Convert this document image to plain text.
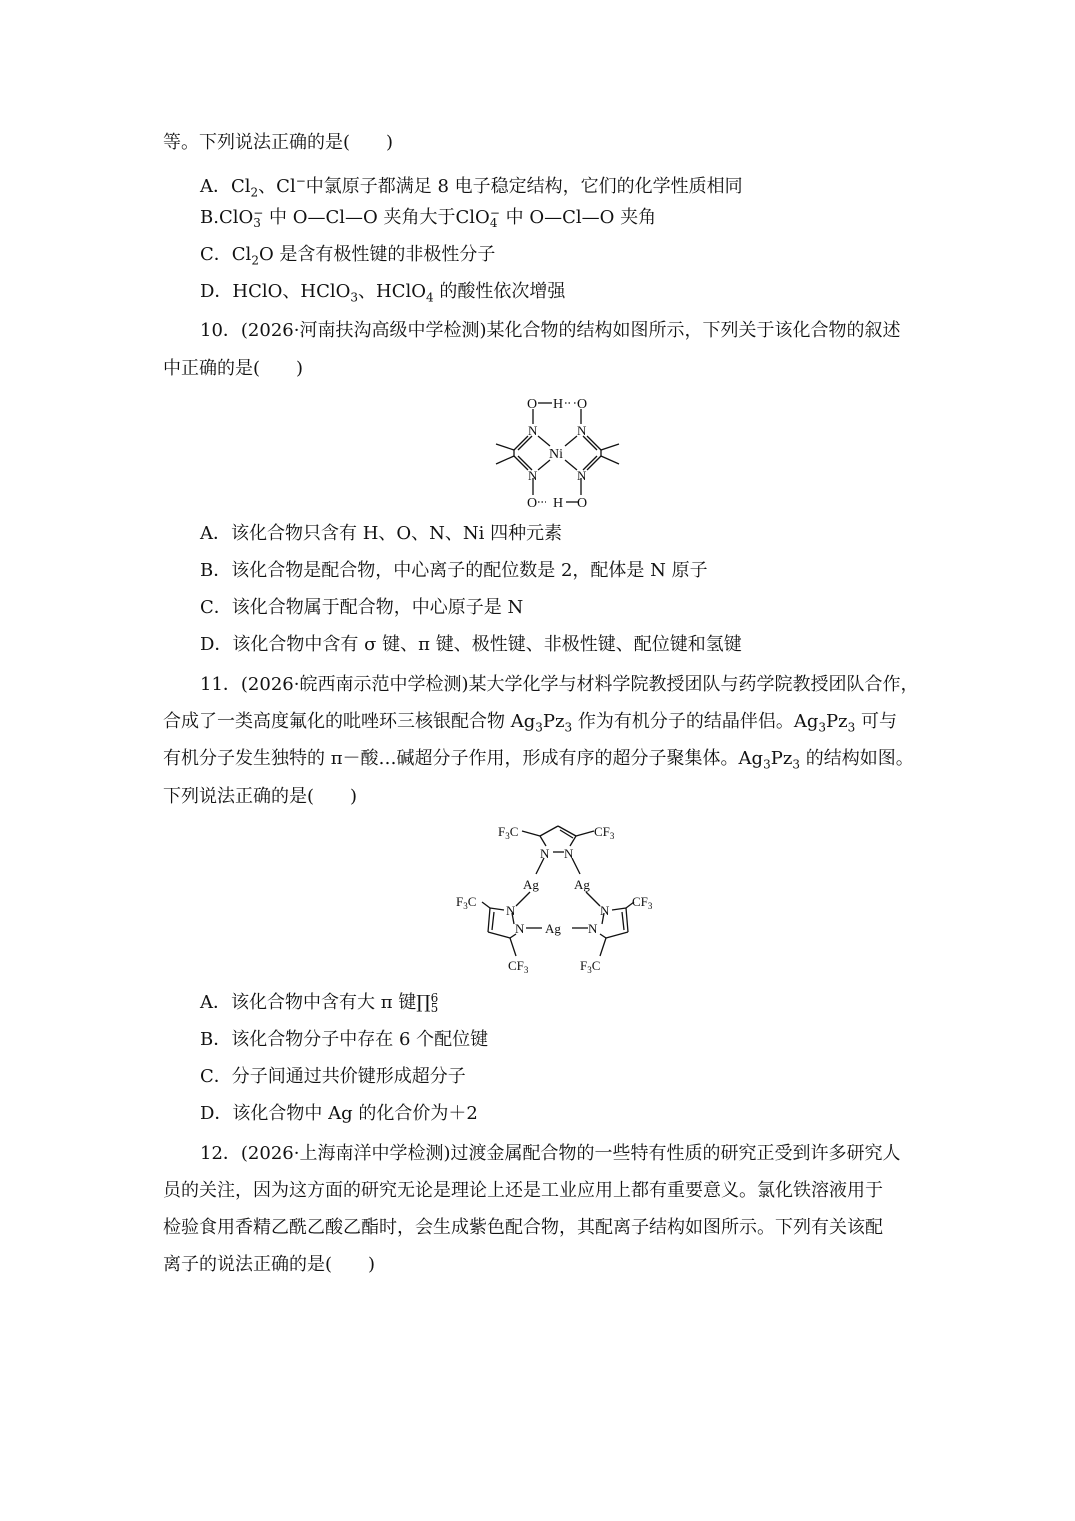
等。下列说法正确的是(　　)
A．$Cl_2$、Cl−中氯原子都满足 8 电子稳定结构，它们的化学性质相同
B.ClO −
3 中 O—Cl—O 夹角大于ClO −
4 中 O—Cl—O 夹角
C．$Cl_2O$ 是含有极性键的非极性分子
D．HClO、HClO$_3$、HClO$_4$ 的酸性依次增强
10．(2026·河南扶沟高级中学检测)某化合物的结构如图所示，下列关于该化合物的叙述
中正确的是(　　)
O H O
N	N
Ni
N	N
O H O
A．该化合物只含有 H、O、N、Ni 四种元素
B．该化合物是配合物，中心离子的配位数是 2，配体是 N 原子
C．该化合物属于配合物，中心原子是 N
D．该化合物中含有 σ 键、π 键、极性键、非极性键、配位键和氢键
11．(2026·皖西南示范中学检测)某大学化学与材料学院教授团队与药学院教授团队合作，
合成了一类高度氟化的吡唑环三核银配合物 $Ag_3Pz_3$ 作为有机分子的结晶伴侣。$Ag_3Pz_3$ 可与
有机分子发生独特的 π－酸…碱超分子作用，形成有序的超分子聚集体。$Ag_3Pz_3$ 的结构如图。
下列说法正确的是(　　)
$F_3C$	$CF_3$
N N
Ag	Ag
$F_3C$
N
N Ag N
N
$CF_3$
$CF_3$	$F_3C$
A．该化合物中含有大 π 键∏ 6
5
B．该化合物分子中存在 6 个配位键
C．分子间通过共价键形成超分子
D．该化合物中 Ag 的化合价为＋2
12．(2026·上海南洋中学检测)过渡金属配合物的一些特有性质的研究正受到许多研究人
员的关注，因为这方面的研究无论是理论上还是工业应用上都有重要意义。氯化铁溶液用于
检验食用香精乙酰乙酸乙酯时，会生成紫色配合物，其配离子结构如图所示。下列有关该配
离子的说法正确的是(　　)
